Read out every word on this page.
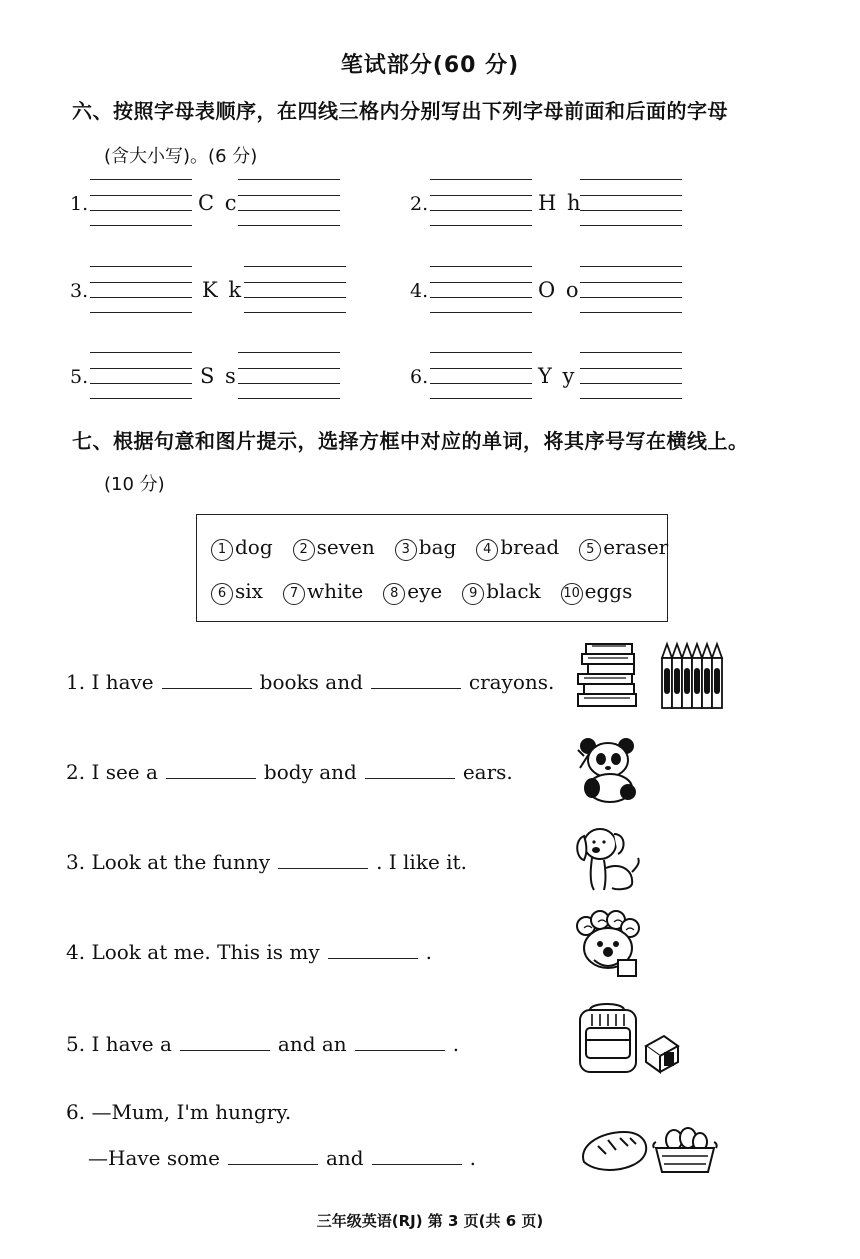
笔试部分(60 分)
六、按照字母表顺序，在四线三格内分别写出下列字母前面和后面的字母
(含大小写)。(6 分)
1.	C c	2.	H h
3.	K k	4.	O o
5.	S s	6.	Y y
七、根据句意和图片提示，选择方框中对应的单词，将其序号写在横线上。
(10 分)
1 dog	2 seven	3 bag	4 bread	5 eraser
6 six	7 white	8 eye	9 black 10 eggs
1. I have	books and	crayons.
2. I see a	body and	ears.
3. Look at the funny	. I like it.
4. Look at me. This is my	.
5. I have a	and an	.
6. —Mum, I'm hungry.
—Have some	and	.
三年级英语(RJ) 第 3 页(共 6 页)
